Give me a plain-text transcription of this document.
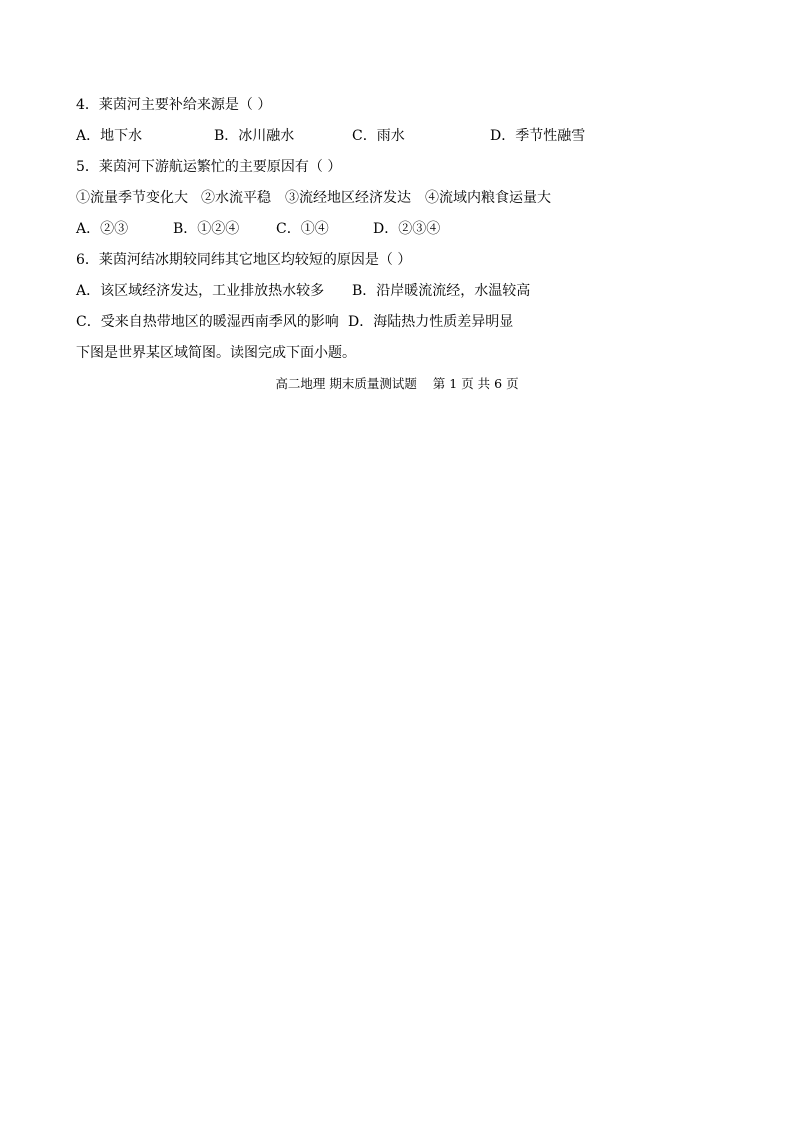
4．莱茵河主要补给来源是（ ）
A．地下水	B．冰川融水	C．雨水	D．季节性融雪
5．莱茵河下游航运繁忙的主要原因有（ ）
①流量季节变化大 ②水流平稳 ③流经地区经济发达 ④流域内粮食运量大
A．②③	B．①②④	C．①④	D．②③④
6．莱茵河结冰期较同纬其它地区均较短的原因是（ ）
A．该区域经济发达，工业排放热水较多 B．沿岸暖流流经，水温较高
C．受来自热带地区的暖湿西南季风的影响 D．海陆热力性质差异明显
下图是世界某区域简图。读图完成下面小题。
高二地理 期末质量测试题 第 1 页 共 6 页
